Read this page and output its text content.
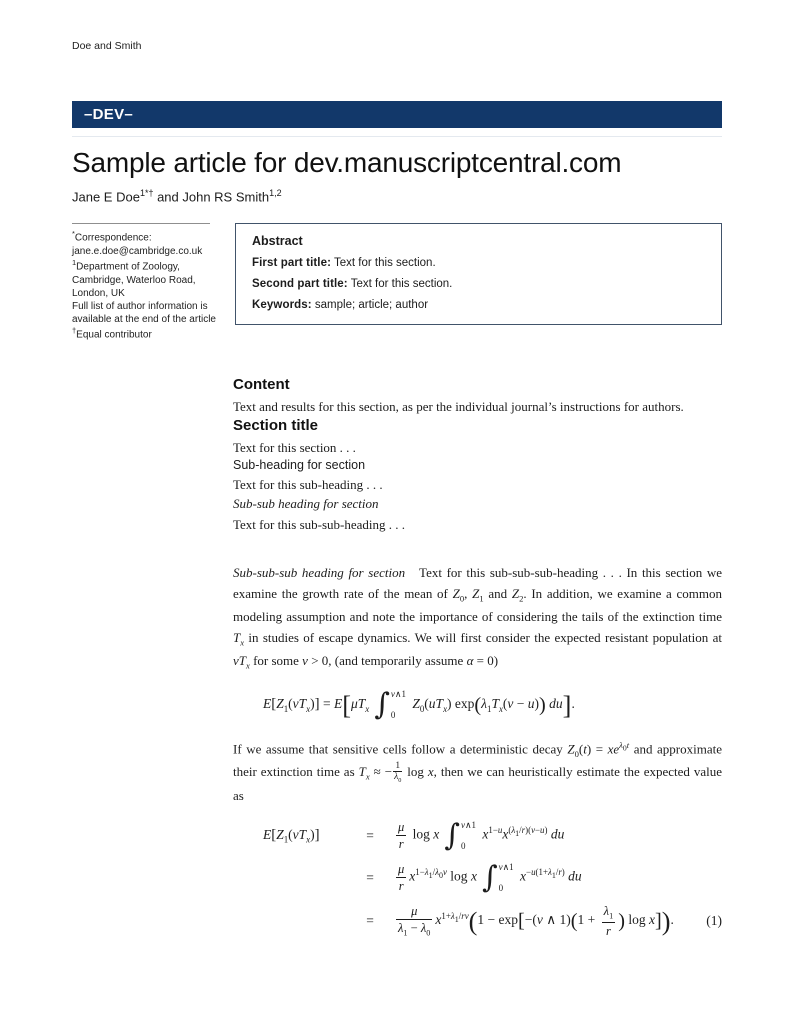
Doe and Smith
–DEV–
Sample article for dev.manuscriptcentral.com
Jane E Doe$^{1*\dagger}$ and John RS Smith$^{1,2}$
*Correspondence:
jane.e.doe@cambridge.co.uk
$^1$Department of Zoology,
Cambridge, Waterloo Road,
London, UK
Full list of author information is
available at the end of the article
†Equal contributor
Abstract
First part title: Text for this section.
Second part title: Text for this section.
Keywords: sample; article; author
Content

Text and results for this section, as per the individual journal’s instructions for authors.

Section title

Text for this section . . .

Sub-heading for section

Text for this sub-heading . . .

Sub-sub heading for section

Text for this sub-sub-heading . . .

Sub-sub-sub heading for section   Text for this sub-sub-sub-heading . . . In this section we examine the growth rate of the mean of $Z_0$, $Z_1$ and $Z_2$. In addition, we examine a common modeling assumption and note the importance of considering the tails of the extinction time $T_x$ in studies of escape dynamics. We will first consider the expected resistant population at $vT_x$ for some v > 0, (and temporarily assume α = 0)

$E[Z_1(vT_x)] = E[\mu T_x$ ∫ v∧1
0
$Z_0(uT_x) \exp(\lambda_1T_x(v - u))$ du].

If we assume that sensitive cells follow a deterministic decay $Z_0(t) = xe^{\lambda_0t}$ and approximate their extinction time as $T_x$ ≈ − $\frac{1}{\lambda_0}$ log x, then we can heuristically estimate the expected value as

$E[Z_1(vT_x)]$	=	$\frac{\mu}{r}$ log x ∫ v∧1
0
$x^{1-u}x^{(\lambda_1/r)(v-u)}$ du
=	$\frac{\mu}{r} x^{1-\lambda_1/\lambda_0v}$ log x ∫ v∧1
0
$x^{-u(1+\lambda_1/r)}$ du
=	$\frac{\mu}{\lambda_1 - \lambda_0} x^{1+\lambda_1/rv}(1 - \exp[-(v$ ∧ $1)(1 + \frac{\lambda_1}{r}$ ) log x]).	(1)
